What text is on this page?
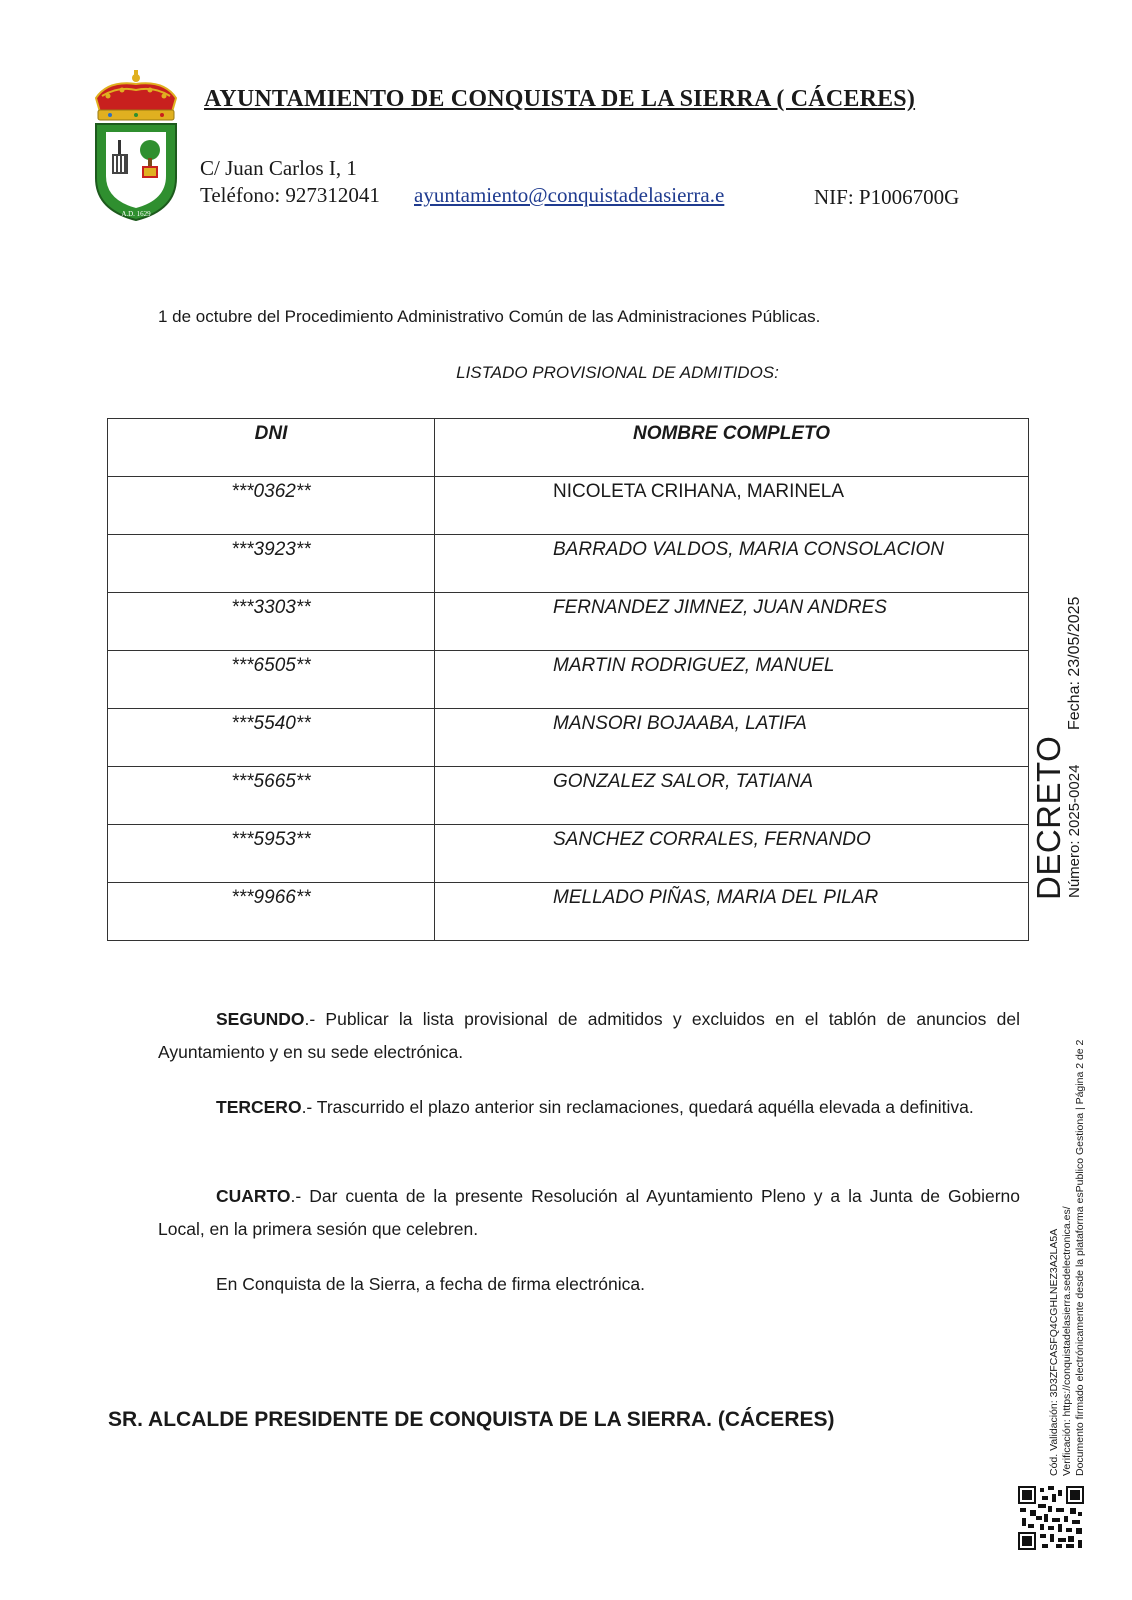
A.D. 1629
AYUNTAMIENTO DE CONQUISTA DE LA SIERRA ( CÁCERES)
C/ Juan Carlos I, 1
Teléfono: 927312041 ayuntamiento@conquistadelasierra.e	NIF: P1006700G
1 de octubre del Procedimiento Administrativo Común de las Administraciones Públicas.
LISTADO PROVISIONAL DE ADMITIDOS:
DNI	NOMBRE COMPLETO
***0362**	NICOLETA CRIHANA, MARINELA
***3923**	BARRADO VALDOS, MARIA CONSOLACION
***3303**	FERNANDEZ JIMNEZ, JUAN ANDRES
***6505**	MARTIN RODRIGUEZ, MANUEL
***5540**	MANSORI BOJAABA, LATIFA
***5665**	GONZALEZ SALOR, TATIANA
***5953**	SANCHEZ CORRALES, FERNANDO
***9966**	MELLADO PIÑAS, MARIA DEL PILAR

SEGUNDO.- Publicar la lista provisional de admitidos y excluidos en el tablón de anuncios del Ayuntamiento y en su sede electrónica.

TERCERO.- Trascurrido el plazo anterior sin reclamaciones, quedará aquélla elevada a definitiva.

CUARTO.- Dar cuenta de la presente Resolución al Ayuntamiento Pleno y a la Junta de Gobierno Local, en la primera sesión que celebren.

En Conquista de la Sierra, a fecha de firma electrónica.

SR. ALCALDE PRESIDENTE DE CONQUISTA DE LA SIERRA. (CÁCERES)

DECRETO Número: 2025-0024
Fecha: 23/05/2025
Cód. Validación: 3D3ZFCASFQ4CGHLNEZ3A2LA5A Verificación: https://conquistadelasierra.sedelectronica.es/ Documento firmado electrónicamente desde la plataforma esPublico Gestiona | Página 2 de 2
